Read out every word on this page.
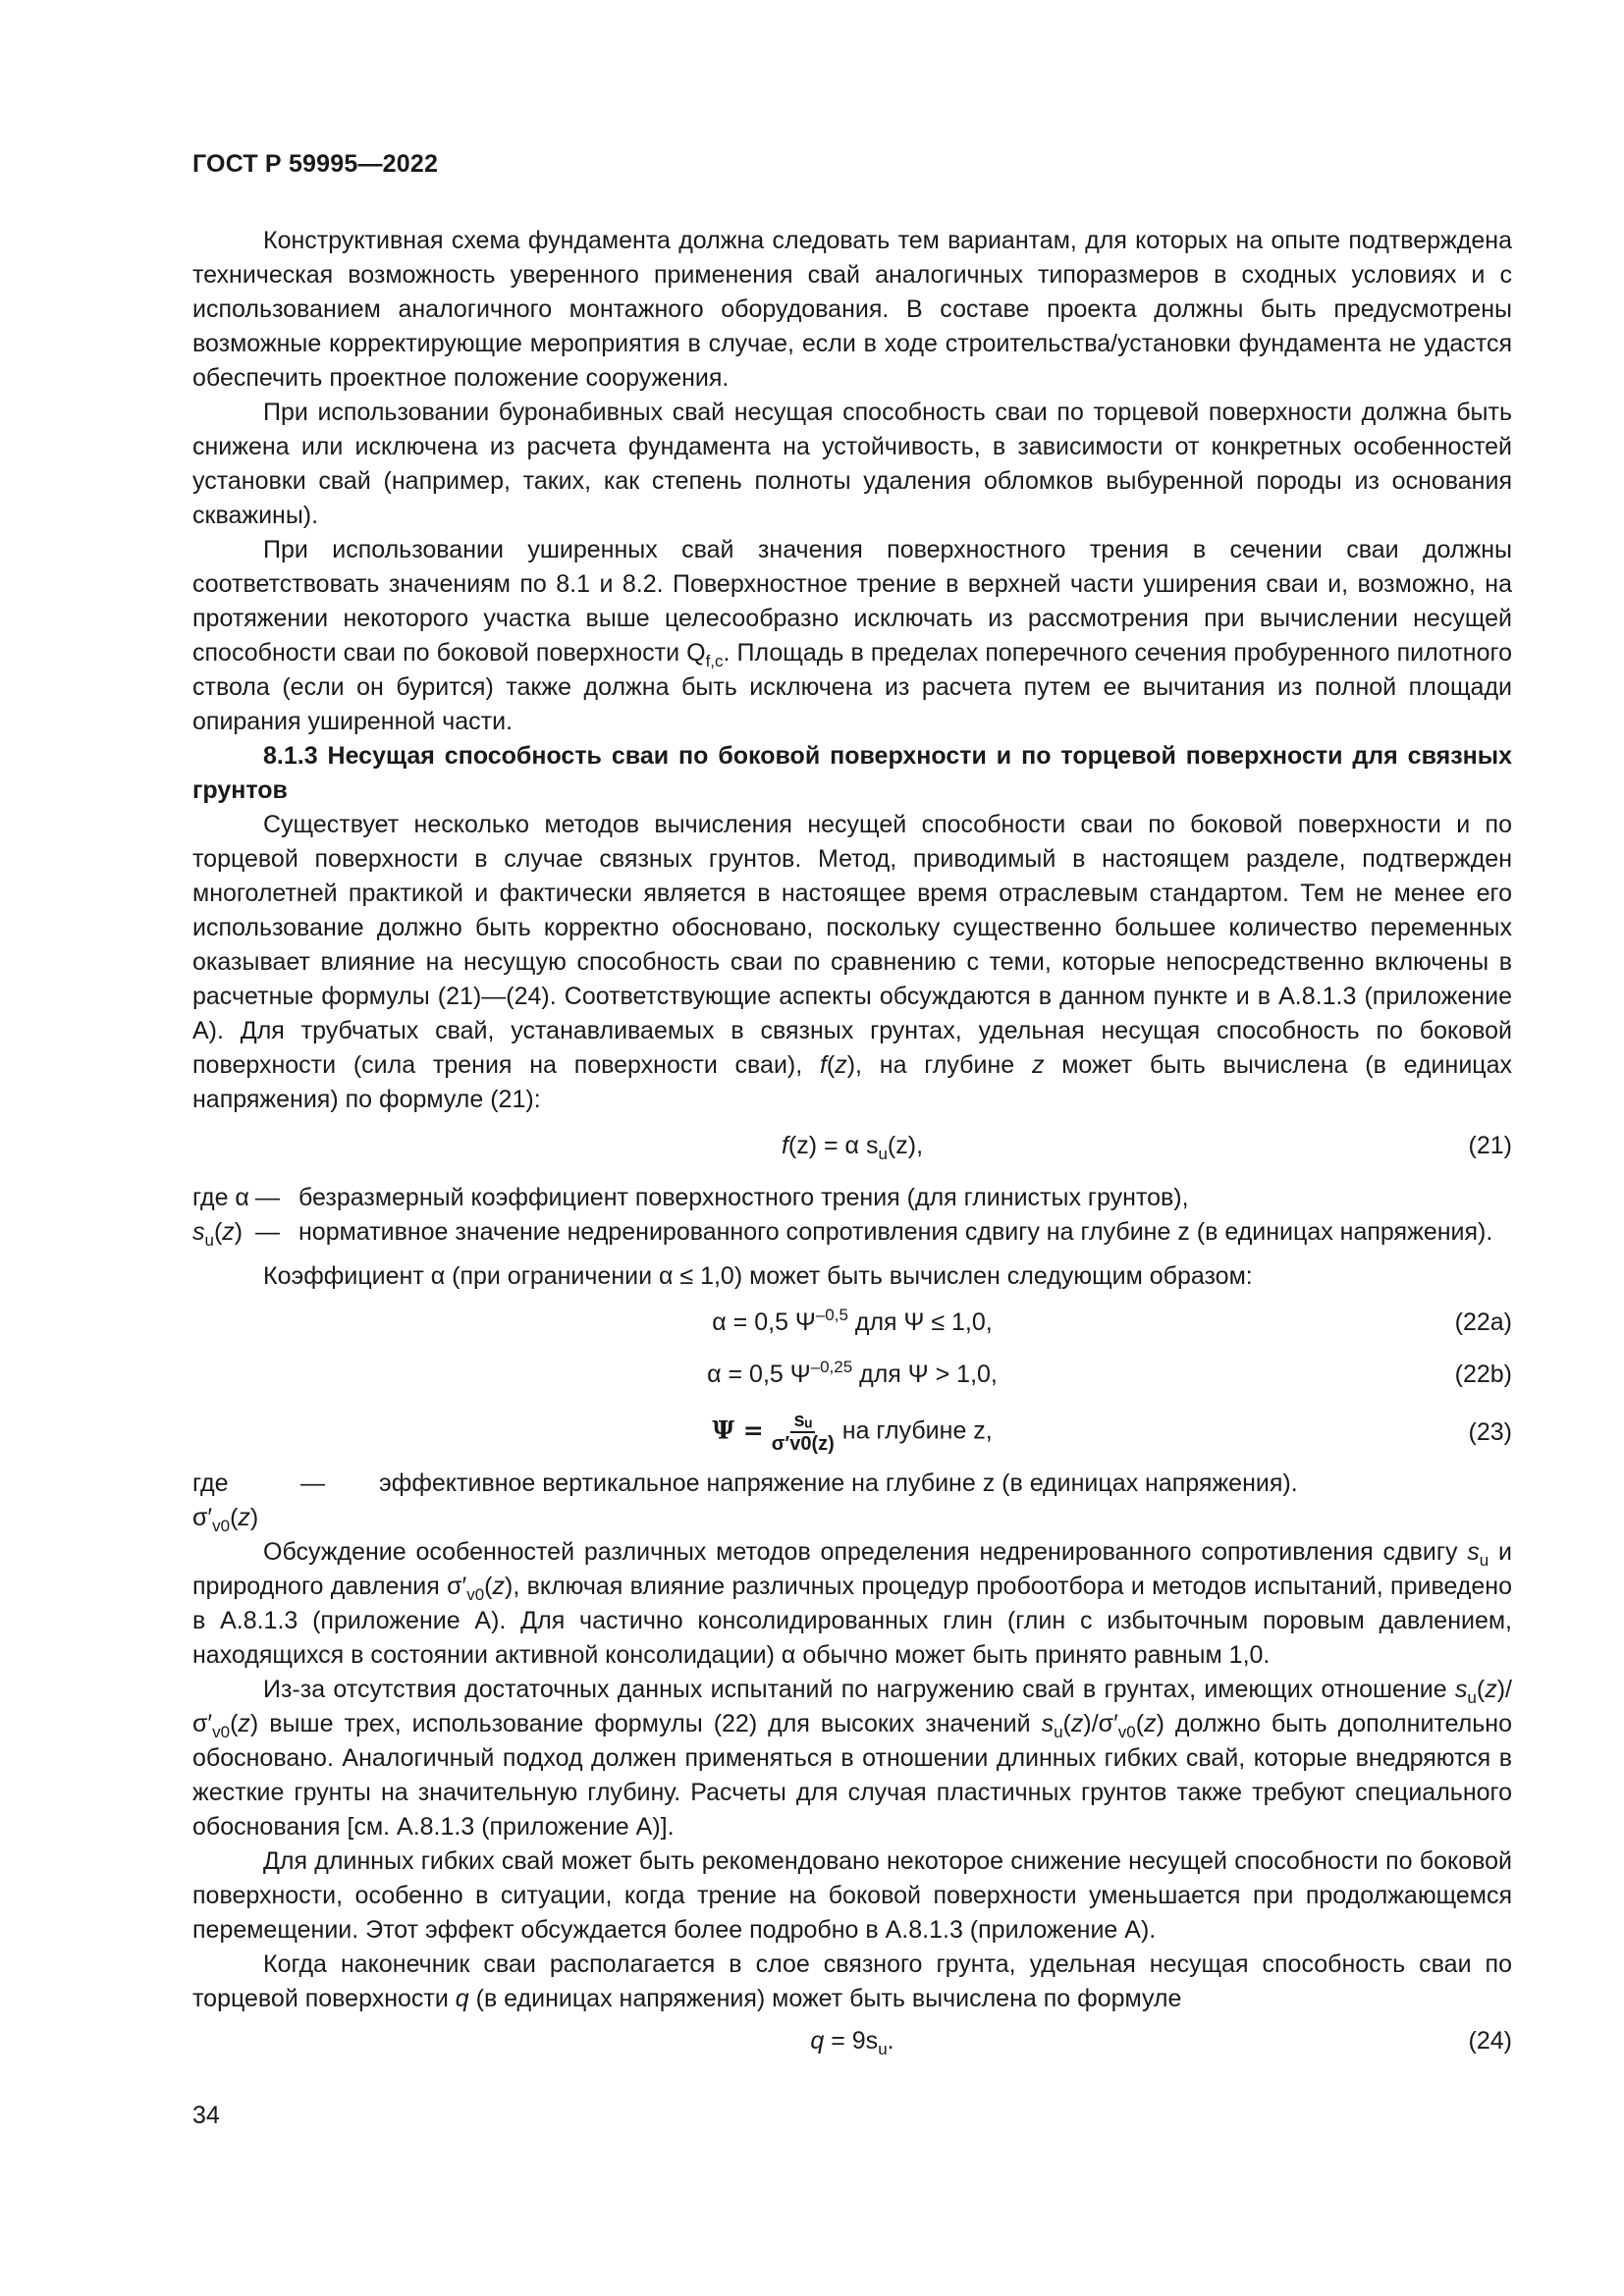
ГОСТ Р 59995—2022

Конструктивная схема фундамента должна следовать тем вариантам, для которых на опыте подтверждена техническая возможность уверенного применения свай аналогичных типоразмеров в сходных условиях и с использованием аналогичного монтажного оборудования. В составе проекта должны быть предусмотрены возможные корректирующие мероприятия в случае, если в ходе строительства/установки фундамента не удастся обеспечить проектное положение сооружения.

При использовании буронабивных свай несущая способность сваи по торцевой поверхности должна быть снижена или исключена из расчета фундамента на устойчивость, в зависимости от конкретных особенностей установки свай (например, таких, как степень полноты удаления обломков выбуренной породы из основания скважины).

При использовании уширенных свай значения поверхностного трения в сечении сваи должны соответствовать значениям по 8.1 и 8.2. Поверхностное трение в верхней части уширения сваи и, возможно, на протяжении некоторого участка выше целесообразно исключать из рассмотрения при вычислении несущей способности сваи по боковой поверхности $Q_{f,c}$. Площадь в пределах поперечного сечения пробуренного пилотного ствола (если он бурится) также должна быть исключена из расчета путем ее вычитания из полной площади опирания уширенной части.

8.1.3 Несущая способность сваи по боковой поверхности и по торцевой поверхности для связных грунтов

Существует несколько методов вычисления несущей способности сваи по боковой поверхности и по торцевой поверхности в случае связных грунтов. Метод, приводимый в настоящем разделе, подтвержден многолетней практикой и фактически является в настоящее время отраслевым стандартом. Тем не менее его использование должно быть корректно обосновано, поскольку существенно большее количество переменных оказывает влияние на несущую способность сваи по сравнению с теми, которые непосредственно включены в расчетные формулы (21)—(24). Соответствующие аспекты обсуждаются в данном пункте и в А.8.1.3 (приложение А). Для трубчатых свай, устанавливаемых в связных грунтах, удельная несущая способность по боковой поверхности (сила трения на поверхности сваи), f(z), на глубине z может быть вычислена (в единицах напряжения) по формуле (21):

f(z) = α $s_u(z)$,	(21)
где α — безразмерный коэффициент поверхностного трения (для глинистых грунтов),
$s_u(z)$ — нормативное значение недренированного сопротивления сдвигу на глубине z (в единицах напряжения).

Коэффициент α (при ограничении α ≤ 1,0) может быть вычислен следующим образом:

α = 0,5 $\Psi^{-0,5}$ для Ψ ≤ 1,0,	(22a)
α = 0,5 $\Psi^{-0,25}$ для Ψ > 1,0,	(22b)
$\Psi = \frac{\text{sᵤ}}{\sigma'v0(z)}$ на глубине z,	(23)
где $\sigma'_{v0}(z)$
—	эффективное вертикальное напряжение на глубине z (в единицах напряжения).

Обсуждение особенностей различных методов определения недренированного сопротивления сдвигу $s_u$ и природного давления $\sigma'_{v0}(z)$, включая влияние различных процедур пробоотбора и методов испытаний, приведено в А.8.1.3 (приложение А). Для частично консолидированных глин (глин с избыточным поровым давлением, находящихся в состоянии активной консолидации) α обычно может быть принято равным 1,0.

Из-за отсутствия достаточных данных испытаний по нагружению свай в грунтах, имеющих отношение $s_u(z)/\sigma'_{v0}(z)$ выше трех, использование формулы (22) для высоких значений $s_u(z)/\sigma'_{v0}(z)$ должно быть дополнительно обосновано. Аналогичный подход должен применяться в отношении длинных гибких свай, которые внедряются в жесткие грунты на значительную глубину. Расчеты для случая пластичных грунтов также требуют специального обоснования [см. А.8.1.3 (приложение А)].

Для длинных гибких свай может быть рекомендовано некоторое снижение несущей способности по боковой поверхности, особенно в ситуации, когда трение на боковой поверхности уменьшается при продолжающемся перемещении. Этот эффект обсуждается более подробно в А.8.1.3 (приложение А).

Когда наконечник сваи располагается в слое связного грунта, удельная несущая способность сваи по торцевой поверхности q (в единицах напряжения) может быть вычислена по формуле

$q = 9s_u$.	(24)
34
